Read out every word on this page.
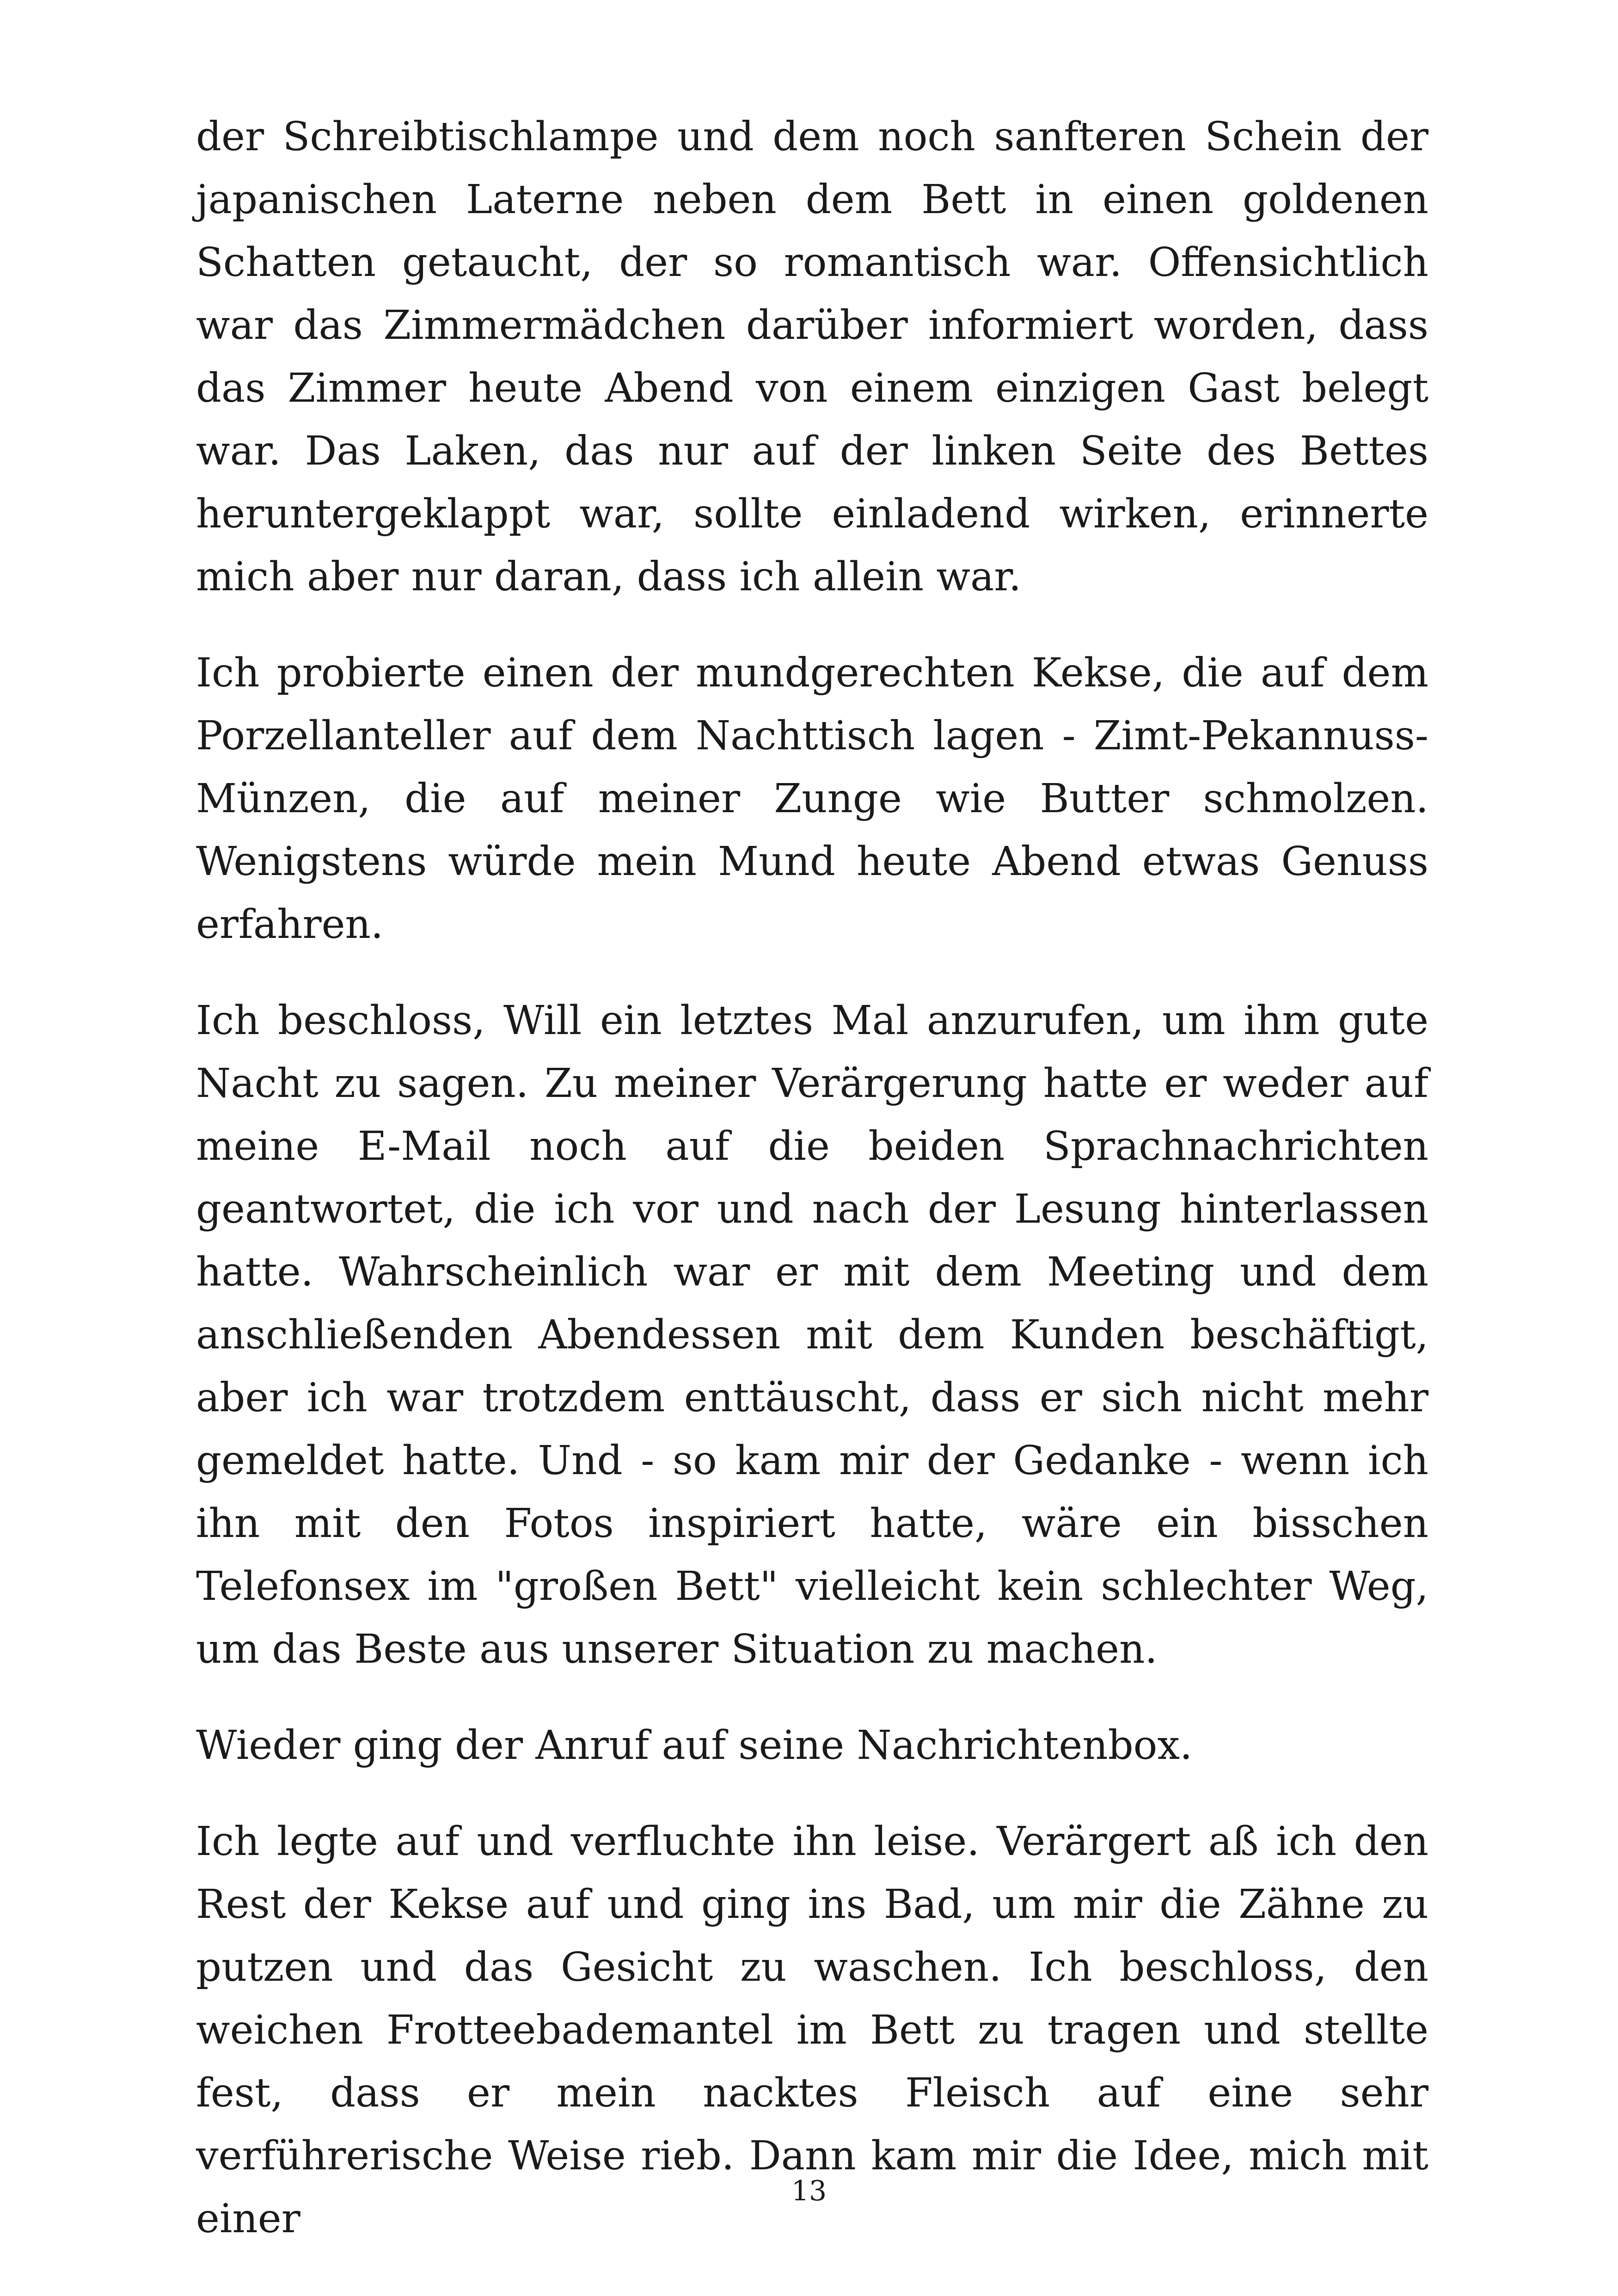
der Schreibtischlampe und dem noch sanfteren Schein der japanischen Laterne neben dem Bett in einen goldenen Schatten getaucht, der so romantisch war. Offensichtlich war das Zimmermädchen darüber informiert worden, dass das Zimmer heute Abend von einem einzigen Gast belegt war. Das Laken, das nur auf der linken Seite des Bettes heruntergeklappt war, sollte einladend wirken, erinnerte mich aber nur daran, dass ich allein war.

Ich probierte einen der mundgerechten Kekse, die auf dem Porzellanteller auf dem Nachttisch lagen - Zimt-Pekannuss-Münzen, die auf meiner Zunge wie Butter schmolzen. Wenigstens würde mein Mund heute Abend etwas Genuss erfahren.

Ich beschloss, Will ein letztes Mal anzurufen, um ihm gute Nacht zu sagen. Zu meiner Verärgerung hatte er weder auf meine E-Mail noch auf die beiden Sprachnachrichten geantwortet, die ich vor und nach der Lesung hinterlassen hatte. Wahrscheinlich war er mit dem Meeting und dem anschließenden Abendessen mit dem Kunden beschäftigt, aber ich war trotzdem enttäuscht, dass er sich nicht mehr gemeldet hatte. Und - so kam mir der Gedanke - wenn ich ihn mit den Fotos inspiriert hatte, wäre ein bisschen Telefonsex im "großen Bett" vielleicht kein schlechter Weg, um das Beste aus unserer Situation zu machen.

Wieder ging der Anruf auf seine Nachrichtenbox.

Ich legte auf und verfluchte ihn leise. Verärgert aß ich den Rest der Kekse auf und ging ins Bad, um mir die Zähne zu putzen und das Gesicht zu waschen. Ich beschloss, den weichen Frotteebademantel im Bett zu tragen und stellte fest, dass er mein nacktes Fleisch auf eine sehr verführerische Weise rieb. Dann kam mir die Idee, mich mit einer

13
